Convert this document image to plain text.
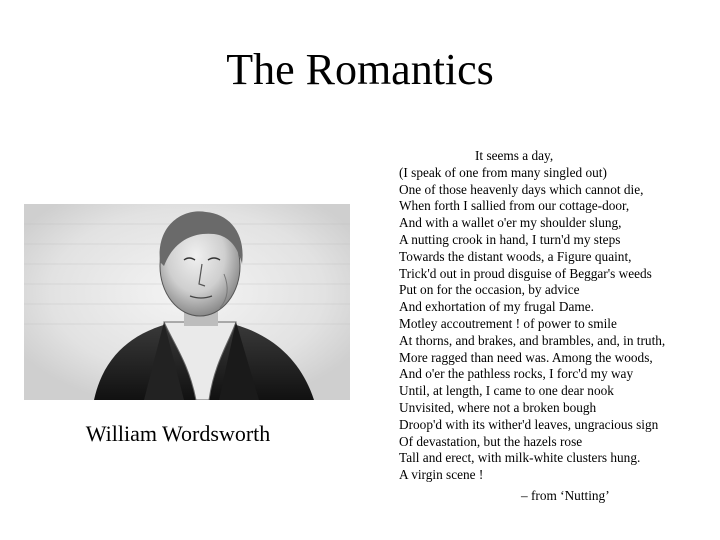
The Romantics
William Wordsworth
It seems a day,
(I speak of one from many singled out)
One of those heavenly days which cannot die,
When forth I sallied from our cottage-door,
And with a wallet o'er my shoulder slung,
A nutting crook in hand, I turn'd my steps
Towards the distant woods, a Figure quaint,
Trick'd out in proud disguise of Beggar's weeds
Put on for the occasion, by advice
And exhortation of my frugal Dame.
Motley accoutrement ! of power to smile
At thorns, and brakes, and brambles, and, in truth,
More ragged than need was. Among the woods,
And o'er the pathless rocks, I forc'd my way
Until, at length, I came to one dear nook
Unvisited, where not a broken bough
Droop'd with its wither'd leaves, ungracious sign
Of devastation, but the hazels rose
Tall and erect, with milk-white clusters hung.
A virgin scene !
– from ‘Nutting’
